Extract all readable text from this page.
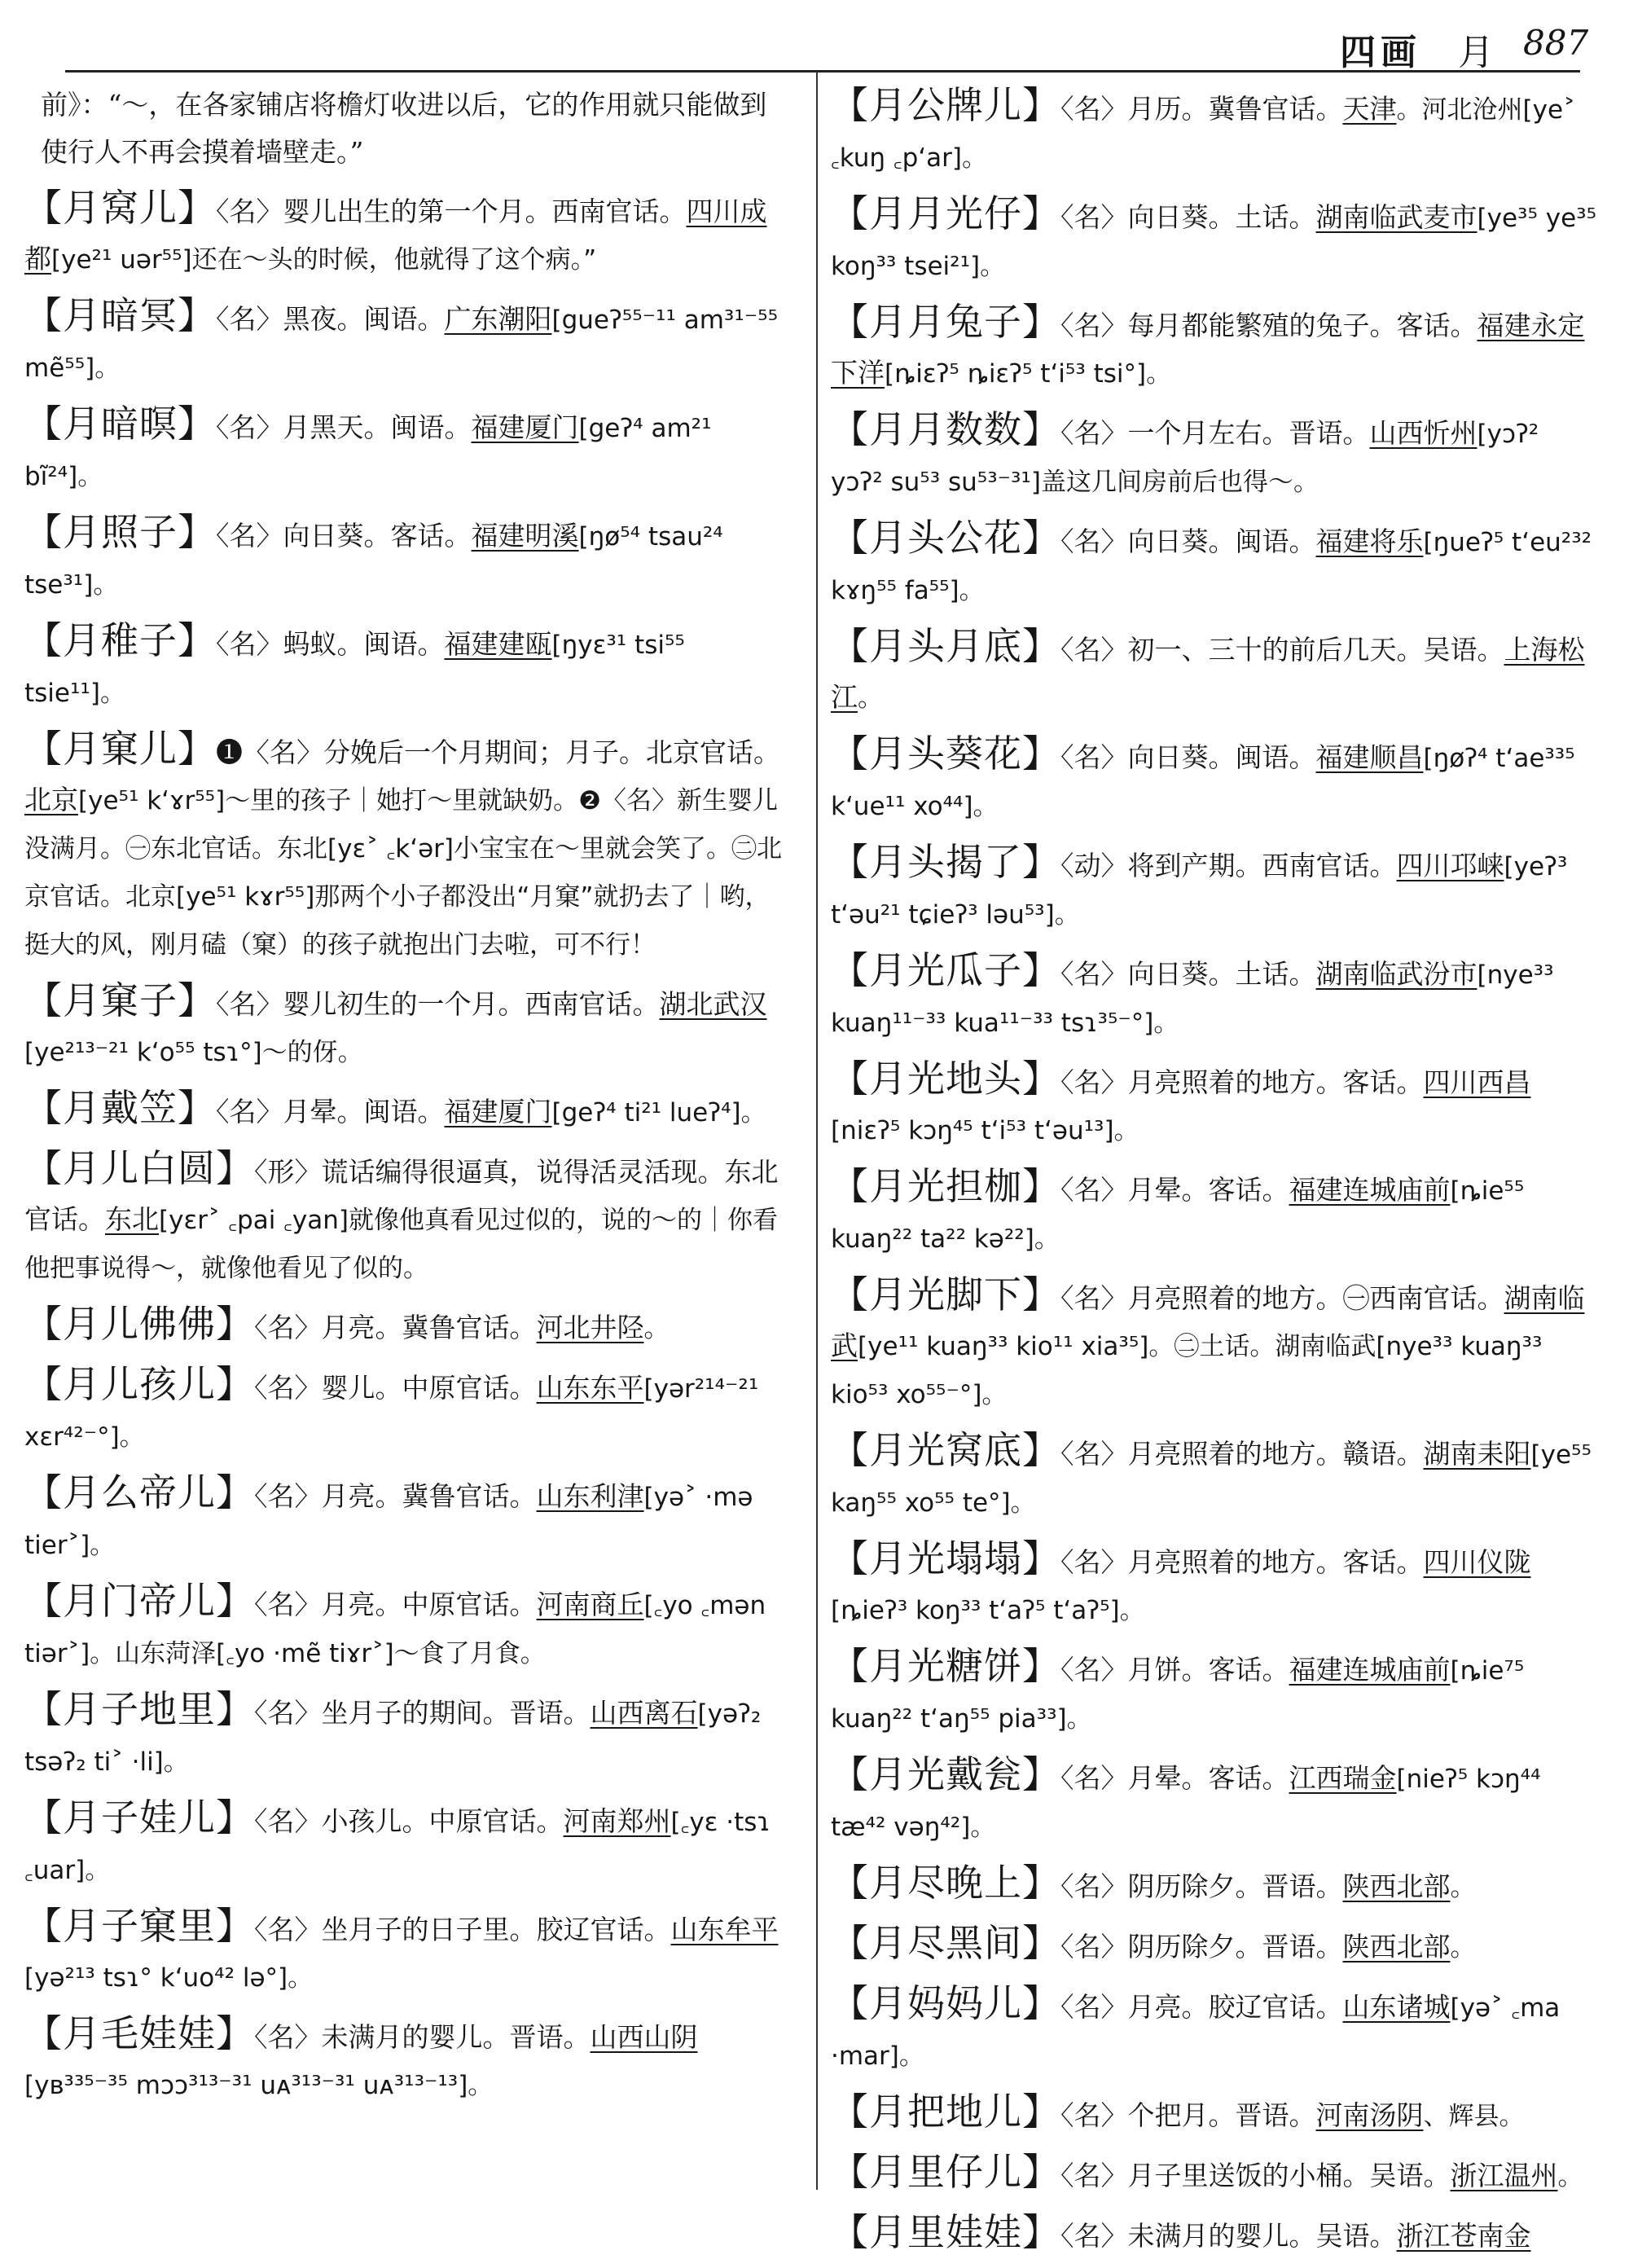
四画 月 887
前》：“～，在各家铺店将檐灯收进以后，它的作用就只能做到使行人不再会摸着墙壁走。”
【月窝儿】〈名〉婴儿出生的第一个月。西南官话。四川成都[ye²¹ uər⁵⁵]还在～头的时候，他就得了这个病。”
【月暗冥】〈名〉黑夜。闽语。广东潮阳[gueʔ⁵⁵⁻¹¹ am³¹⁻⁵⁵ mẽ⁵⁵]。
【月暗暝】〈名〉月黑天。闽语。福建厦门[geʔ⁴ am²¹ bĩ²⁴]。
【月照子】〈名〉向日葵。客话。福建明溪[ŋø⁵⁴ tsau²⁴ tse³¹]。
【月稚子】〈名〉蚂蚁。闽语。福建建瓯[ŋyɛ³¹ tsi⁵⁵ tsie¹¹]。
【月窠儿】❶〈名〉分娩后一个月期间；月子。北京官话。北京[ye⁵¹ k‘ɤr⁵⁵]～里的孩子｜她打～里就缺奶。❷〈名〉新生婴儿没满月。㊀东北官话。东北[yɛ˃ ꜀k‘ər]小宝宝在～里就会笑了。㊁北京官话。北京[ye⁵¹ kɤr⁵⁵]那两个小子都没出“月窠”就扔去了｜哟，挺大的风，刚月磕（窠）的孩子就抱出门去啦，可不行！
【月窠子】〈名〉婴儿初生的一个月。西南官话。湖北武汉[ye²¹³⁻²¹ k‘o⁵⁵ tsɿ°]～的伢。
【月戴笠】〈名〉月晕。闽语。福建厦门[geʔ⁴ ti²¹ lueʔ⁴]。
【月儿白圆】〈形〉谎话编得很逼真，说得活灵活现。东北官话。东北[yɛr˃ ꜀pai ꜀yan]就像他真看见过似的，说的～的｜你看他把事说得～，就像他看见了似的。
【月儿佛佛】〈名〉月亮。冀鲁官话。河北井陉。
【月儿孩儿】〈名〉婴儿。中原官话。山东东平[yər²¹⁴⁻²¹ xɛr⁴²⁻°]。
【月么帝儿】〈名〉月亮。冀鲁官话。山东利津[yə˃ ·mə tier˃]。
【月门帝儿】〈名〉月亮。中原官话。河南商丘[꜀yo ꜀mən tiər˃]。山东菏泽[꜀yo ·mẽ tiɤr˃]～食了月食。
【月子地里】〈名〉坐月子的期间。晋语。山西离石[yəʔ₂ tsəʔ₂ ti˃ ·li]。
【月子娃儿】〈名〉小孩儿。中原官话。河南郑州[꜀yɛ ·tsɿ ꜀uar]。
【月子窠里】〈名〉坐月子的日子里。胶辽官话。山东牟平[yə²¹³ tsɿ° k‘uo⁴² lə°]。
【月毛娃娃】〈名〉未满月的婴儿。晋语。山西山阴[yʙ³³⁵⁻³⁵ mɔɔ³¹³⁻³¹ uᴀ³¹³⁻³¹ uᴀ³¹³⁻¹³]。
【月公牌儿】〈名〉月历。冀鲁官话。天津。河北沧州[ye˃ ꜀kuŋ ꜀p‘ar]。
【月月光仔】〈名〉向日葵。土话。湖南临武麦市[ye³⁵ ye³⁵ koŋ³³ tsei²¹]。
【月月兔子】〈名〉每月都能繁殖的兔子。客话。福建永定下洋[ȵiɛʔ⁵ ȵiɛʔ⁵ t‘i⁵³ tsi°]。
【月月数数】〈名〉一个月左右。晋语。山西忻州[yɔʔ² yɔʔ² su⁵³ su⁵³⁻³¹]盖这几间房前后也得～。
【月头公花】〈名〉向日葵。闽语。福建将乐[ŋueʔ⁵ t‘eu²³² kɤŋ⁵⁵ fa⁵⁵]。
【月头月底】〈名〉初一、三十的前后几天。吴语。上海松江。
【月头葵花】〈名〉向日葵。闽语。福建顺昌[ŋøʔ⁴ t‘ae³³⁵ k‘ue¹¹ xo⁴⁴]。
【月头揭了】〈动〉将到产期。西南官话。四川邛崃[yeʔ³ t‘əu²¹ tɕieʔ³ ləu⁵³]。
【月光瓜子】〈名〉向日葵。土话。湖南临武汾市[nye³³ kuaŋ¹¹⁻³³ kua¹¹⁻³³ tsɿ³⁵⁻°]。
【月光地头】〈名〉月亮照着的地方。客话。四川西昌[niɛʔ⁵ kɔŋ⁴⁵ t‘i⁵³ t‘əu¹³]。
【月光担枷】〈名〉月晕。客话。福建连城庙前[ȵie⁵⁵ kuaŋ²² ta²² kə²²]。
【月光脚下】〈名〉月亮照着的地方。㊀西南官话。湖南临武[ye¹¹ kuaŋ³³ kio¹¹ xia³⁵]。㊁土话。湖南临武[nye³³ kuaŋ³³ kio⁵³ xo⁵⁵⁻°]。
【月光窝底】〈名〉月亮照着的地方。赣语。湖南耒阳[ye⁵⁵ kaŋ⁵⁵ xo⁵⁵ te°]。
【月光塌塌】〈名〉月亮照着的地方。客话。四川仪陇[ȵieʔ³ koŋ³³ t‘aʔ⁵ t‘aʔ⁵]。
【月光糖饼】〈名〉月饼。客话。福建连城庙前[ȵie⁷⁵ kuaŋ²² t‘aŋ⁵⁵ pia³³]。
【月光戴瓮】〈名〉月晕。客话。江西瑞金[nieʔ⁵ kɔŋ⁴⁴ tæ⁴² vəŋ⁴²]。
【月尽晚上】〈名〉阴历除夕。晋语。陕西北部。
【月尽黑间】〈名〉阴历除夕。晋语。陕西北部。
【月妈妈儿】〈名〉月亮。胶辽官话。山东诸城[yə˃ ꜀ma ·mar]。
【月把地儿】〈名〉个把月。晋语。河南汤阴、辉县。
【月里仔儿】〈名〉月子里送饭的小桶。吴语。浙江温州。
【月里娃娃】〈名〉未满月的婴儿。吴语。浙江苍南金
